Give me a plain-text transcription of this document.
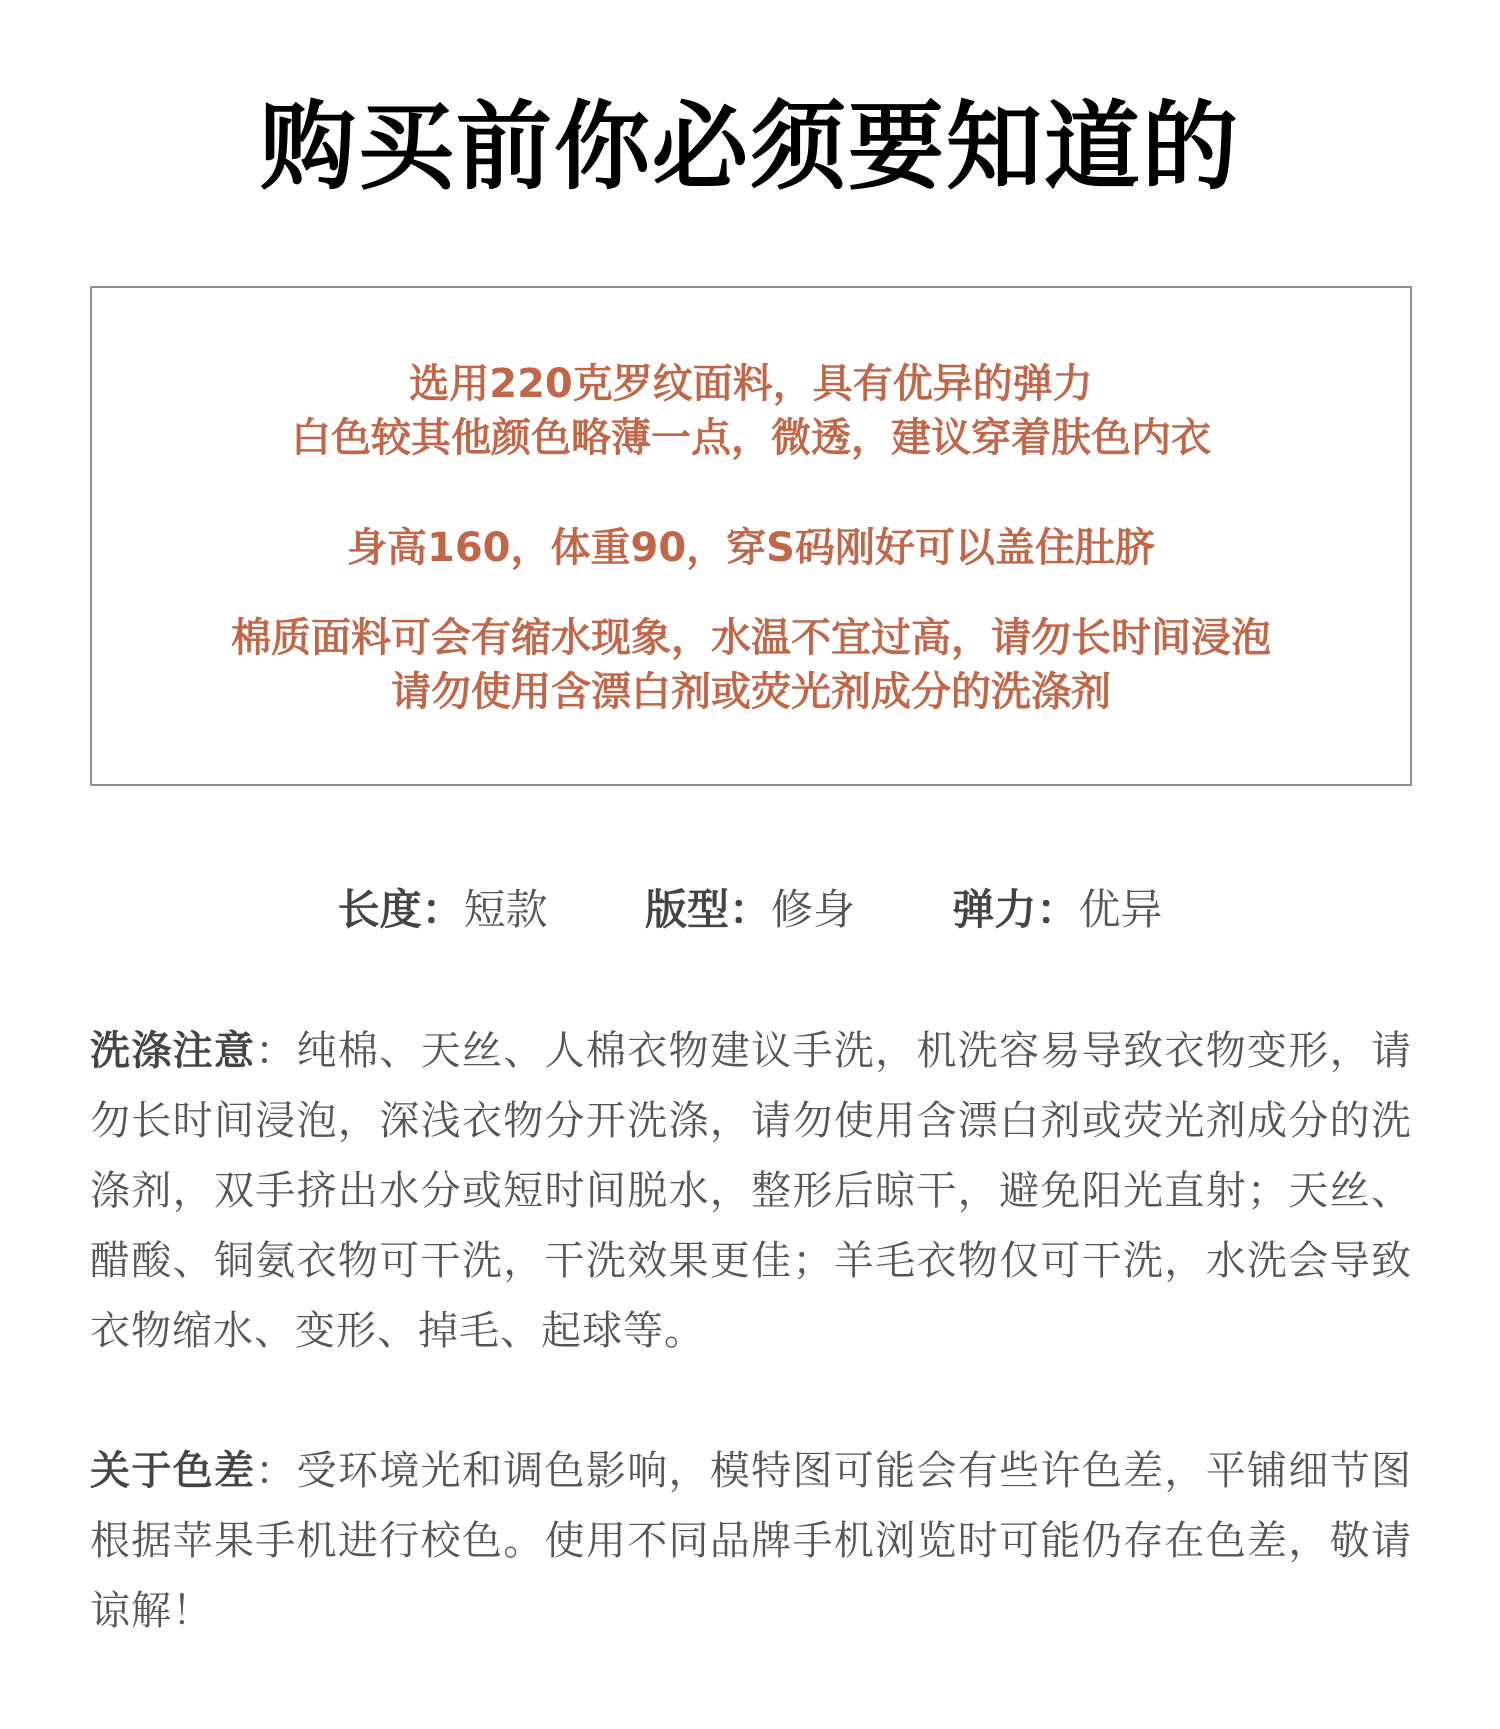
购买前你必须要知道的
选用220克罗纹面料，具有优异的弹力
白色较其他颜色略薄一点，微透，建议穿着肤色内衣
身高160，体重90，穿S码刚好可以盖住肚脐
棉质面料可会有缩水现象，水温不宜过高，请勿长时间浸泡
请勿使用含漂白剂或荧光剂成分的洗涤剂
长度：短款 版型：修身 弹力：优异
洗涤注意：纯棉、天丝、人棉衣物建议手洗，机洗容易导致衣物变形，请勿长时间浸泡，深浅衣物分开洗涤，请勿使用含漂白剂或荧光剂成分的洗涤剂，双手挤出水分或短时间脱水，整形后晾干，避免阳光直射；天丝、醋酸、铜氨衣物可干洗，干洗效果更佳；羊毛衣物仅可干洗，水洗会导致衣物缩水、变形、掉毛、起球等。
关于色差：受环境光和调色影响，模特图可能会有些许色差，平铺细节图根据苹果手机进行校色。使用不同品牌手机浏览时可能仍存在色差，敬请谅解！
